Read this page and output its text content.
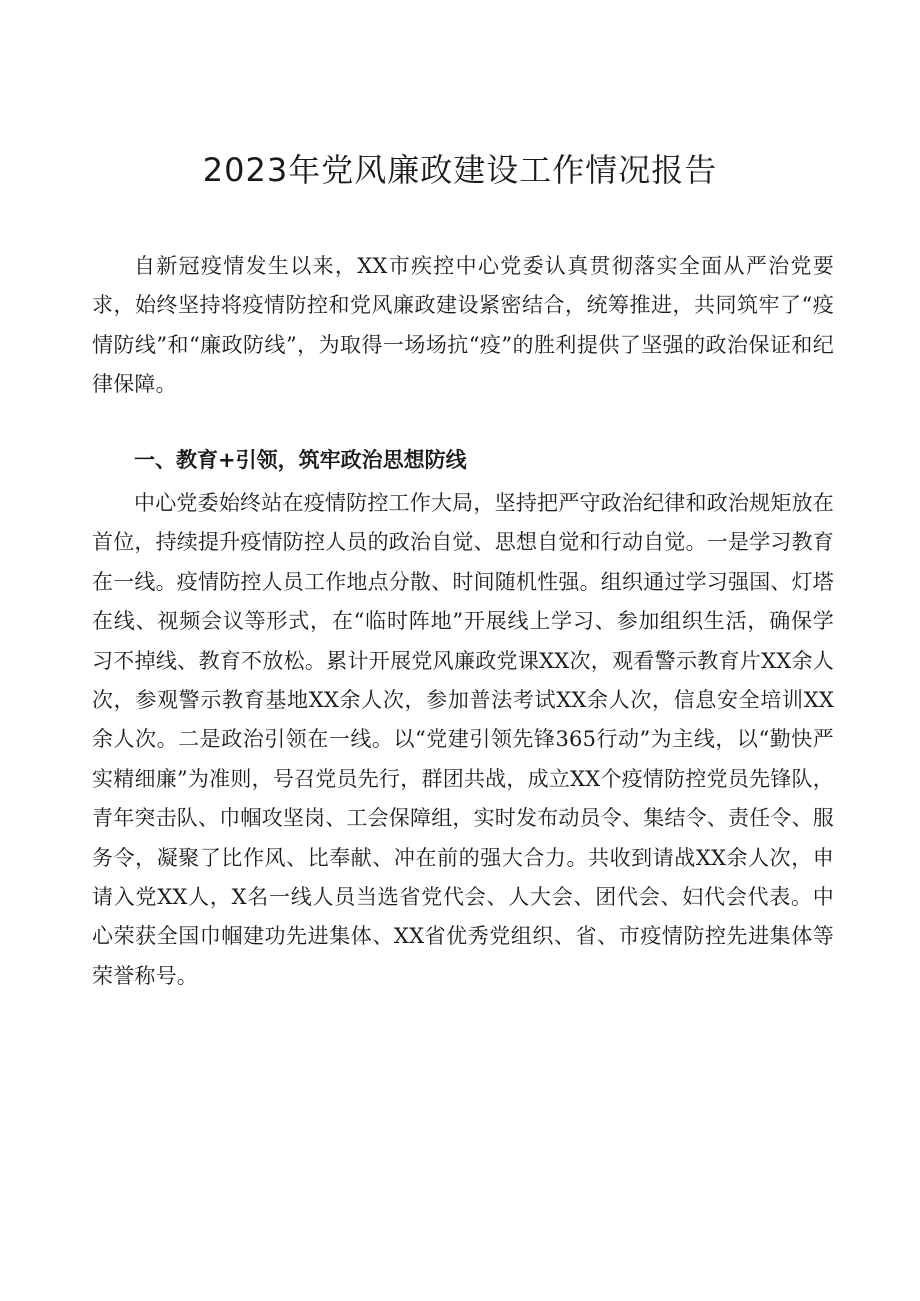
2023年党风廉政建设工作情况报告

自新冠疫情发生以来，XX市疾控中心党委认真贯彻落实全面从严治党要求，始终坚持将疫情防控和党风廉政建设紧密结合，统筹推进，共同筑牢了“疫情防线”和“廉政防线”，为取得一场场抗“疫”的胜利提供了坚强的政治保证和纪律保障。

一、教育+引领，筑牢政治思想防线

中心党委始终站在疫情防控工作大局，坚持把严守政治纪律和政治规矩放在首位，持续提升疫情防控人员的政治自觉、思想自觉和行动自觉。一是学习教育在一线。疫情防控人员工作地点分散、时间随机性强。组织通过学习强国、灯塔在线、视频会议等形式，在“临时阵地”开展线上学习、参加组织生活，确保学习不掉线、教育不放松。累计开展党风廉政党课XX次，观看警示教育片XX余人次，参观警示教育基地XX余人次，参加普法考试XX余人次，信息安全培训XX余人次。二是政治引领在一线。以“党建引领先锋365行动”为主线，以“勤快严实精细廉”为准则，号召党员先行，群团共战，成立XX个疫情防控党员先锋队，青年突击队、巾帼攻坚岗、工会保障组，实时发布动员令、集结令、责任令、服务令，凝聚了比作风、比奉献、冲在前的强大合力。共收到请战XX余人次，申请入党XX人，X名一线人员当选省党代会、人大会、团代会、妇代会代表。中心荣获全国巾帼建功先进集体、XX省优秀党组织、省、市疫情防控先进集体等荣誉称号。
